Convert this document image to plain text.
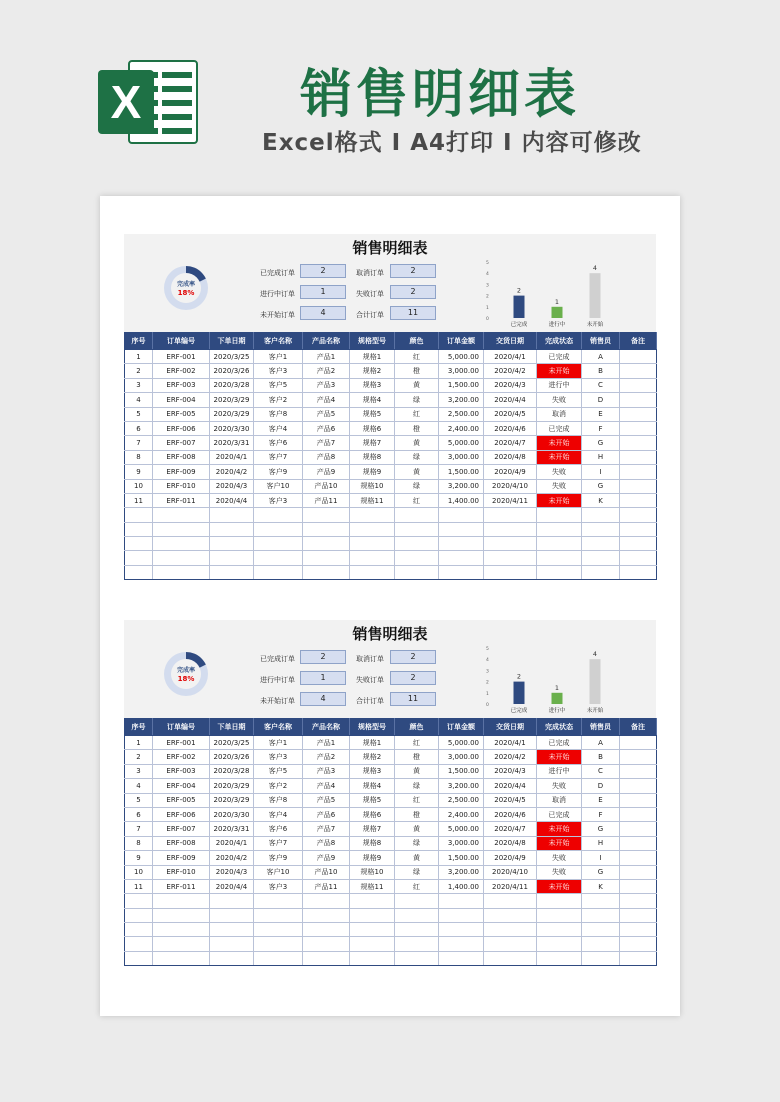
X	销售明细表
Excel格式 I A4打印 I 内容可修改
销售明细表
完成率
18%
已完成订单	2	取消订单	2
进行中订单	1	失败订单	2
未开始订单	4	合计订单	11
0
1
2
3
4
5
2
已完成
1
进行中
4
未开始
序号	订单编号	下单日期	客户名称	产品名称	规格型号	颜色	订单金额	交货日期	完成状态	销售员	备注
1	ERF-001	2020/3/25	客户1	产品1	规格1	红	5,000.00	2020/4/1	已完成	A	
2	ERF-002	2020/3/26	客户3	产品2	规格2	橙	3,000.00	2020/4/2	未开始	B	
3	ERF-003	2020/3/28	客户5	产品3	规格3	黄	1,500.00	2020/4/3	进行中	C	
4	ERF-004	2020/3/29	客户2	产品4	规格4	绿	3,200.00	2020/4/4	失败	D	
5	ERF-005	2020/3/29	客户8	产品5	规格5	红	2,500.00	2020/4/5	取消	E	
6	ERF-006	2020/3/30	客户4	产品6	规格6	橙	2,400.00	2020/4/6	已完成	F	
7	ERF-007	2020/3/31	客户6	产品7	规格7	黄	5,000.00	2020/4/7	未开始	G	
8	ERF-008	2020/4/1	客户7	产品8	规格8	绿	3,000.00	2020/4/8	未开始	H	
9	ERF-009	2020/4/2	客户9	产品9	规格9	黄	1,500.00	2020/4/9	失败	I	
10	ERF-010	2020/4/3	客户10	产品10	规格10	绿	3,200.00	2020/4/10	失败	G	
11	ERF-011	2020/4/4	客户3	产品11	规格11	红	1,400.00	2020/4/11	未开始	K	

销售明细表
完成率
18%
已完成订单	2	取消订单	2
进行中订单	1	失败订单	2
未开始订单	4	合计订单	11
0
1
2
3
4
5
2
已完成
1
进行中
4
未开始
序号	订单编号	下单日期	客户名称	产品名称	规格型号	颜色	订单金额	交货日期	完成状态	销售员	备注
1	ERF-001	2020/3/25	客户1	产品1	规格1	红	5,000.00	2020/4/1	已完成	A	
2	ERF-002	2020/3/26	客户3	产品2	规格2	橙	3,000.00	2020/4/2	未开始	B	
3	ERF-003	2020/3/28	客户5	产品3	规格3	黄	1,500.00	2020/4/3	进行中	C	
4	ERF-004	2020/3/29	客户2	产品4	规格4	绿	3,200.00	2020/4/4	失败	D	
5	ERF-005	2020/3/29	客户8	产品5	规格5	红	2,500.00	2020/4/5	取消	E	
6	ERF-006	2020/3/30	客户4	产品6	规格6	橙	2,400.00	2020/4/6	已完成	F	
7	ERF-007	2020/3/31	客户6	产品7	规格7	黄	5,000.00	2020/4/7	未开始	G	
8	ERF-008	2020/4/1	客户7	产品8	规格8	绿	3,000.00	2020/4/8	未开始	H	
9	ERF-009	2020/4/2	客户9	产品9	规格9	黄	1,500.00	2020/4/9	失败	I	
10	ERF-010	2020/4/3	客户10	产品10	规格10	绿	3,200.00	2020/4/10	失败	G	
11	ERF-011	2020/4/4	客户3	产品11	规格11	红	1,400.00	2020/4/11	未开始	K	
